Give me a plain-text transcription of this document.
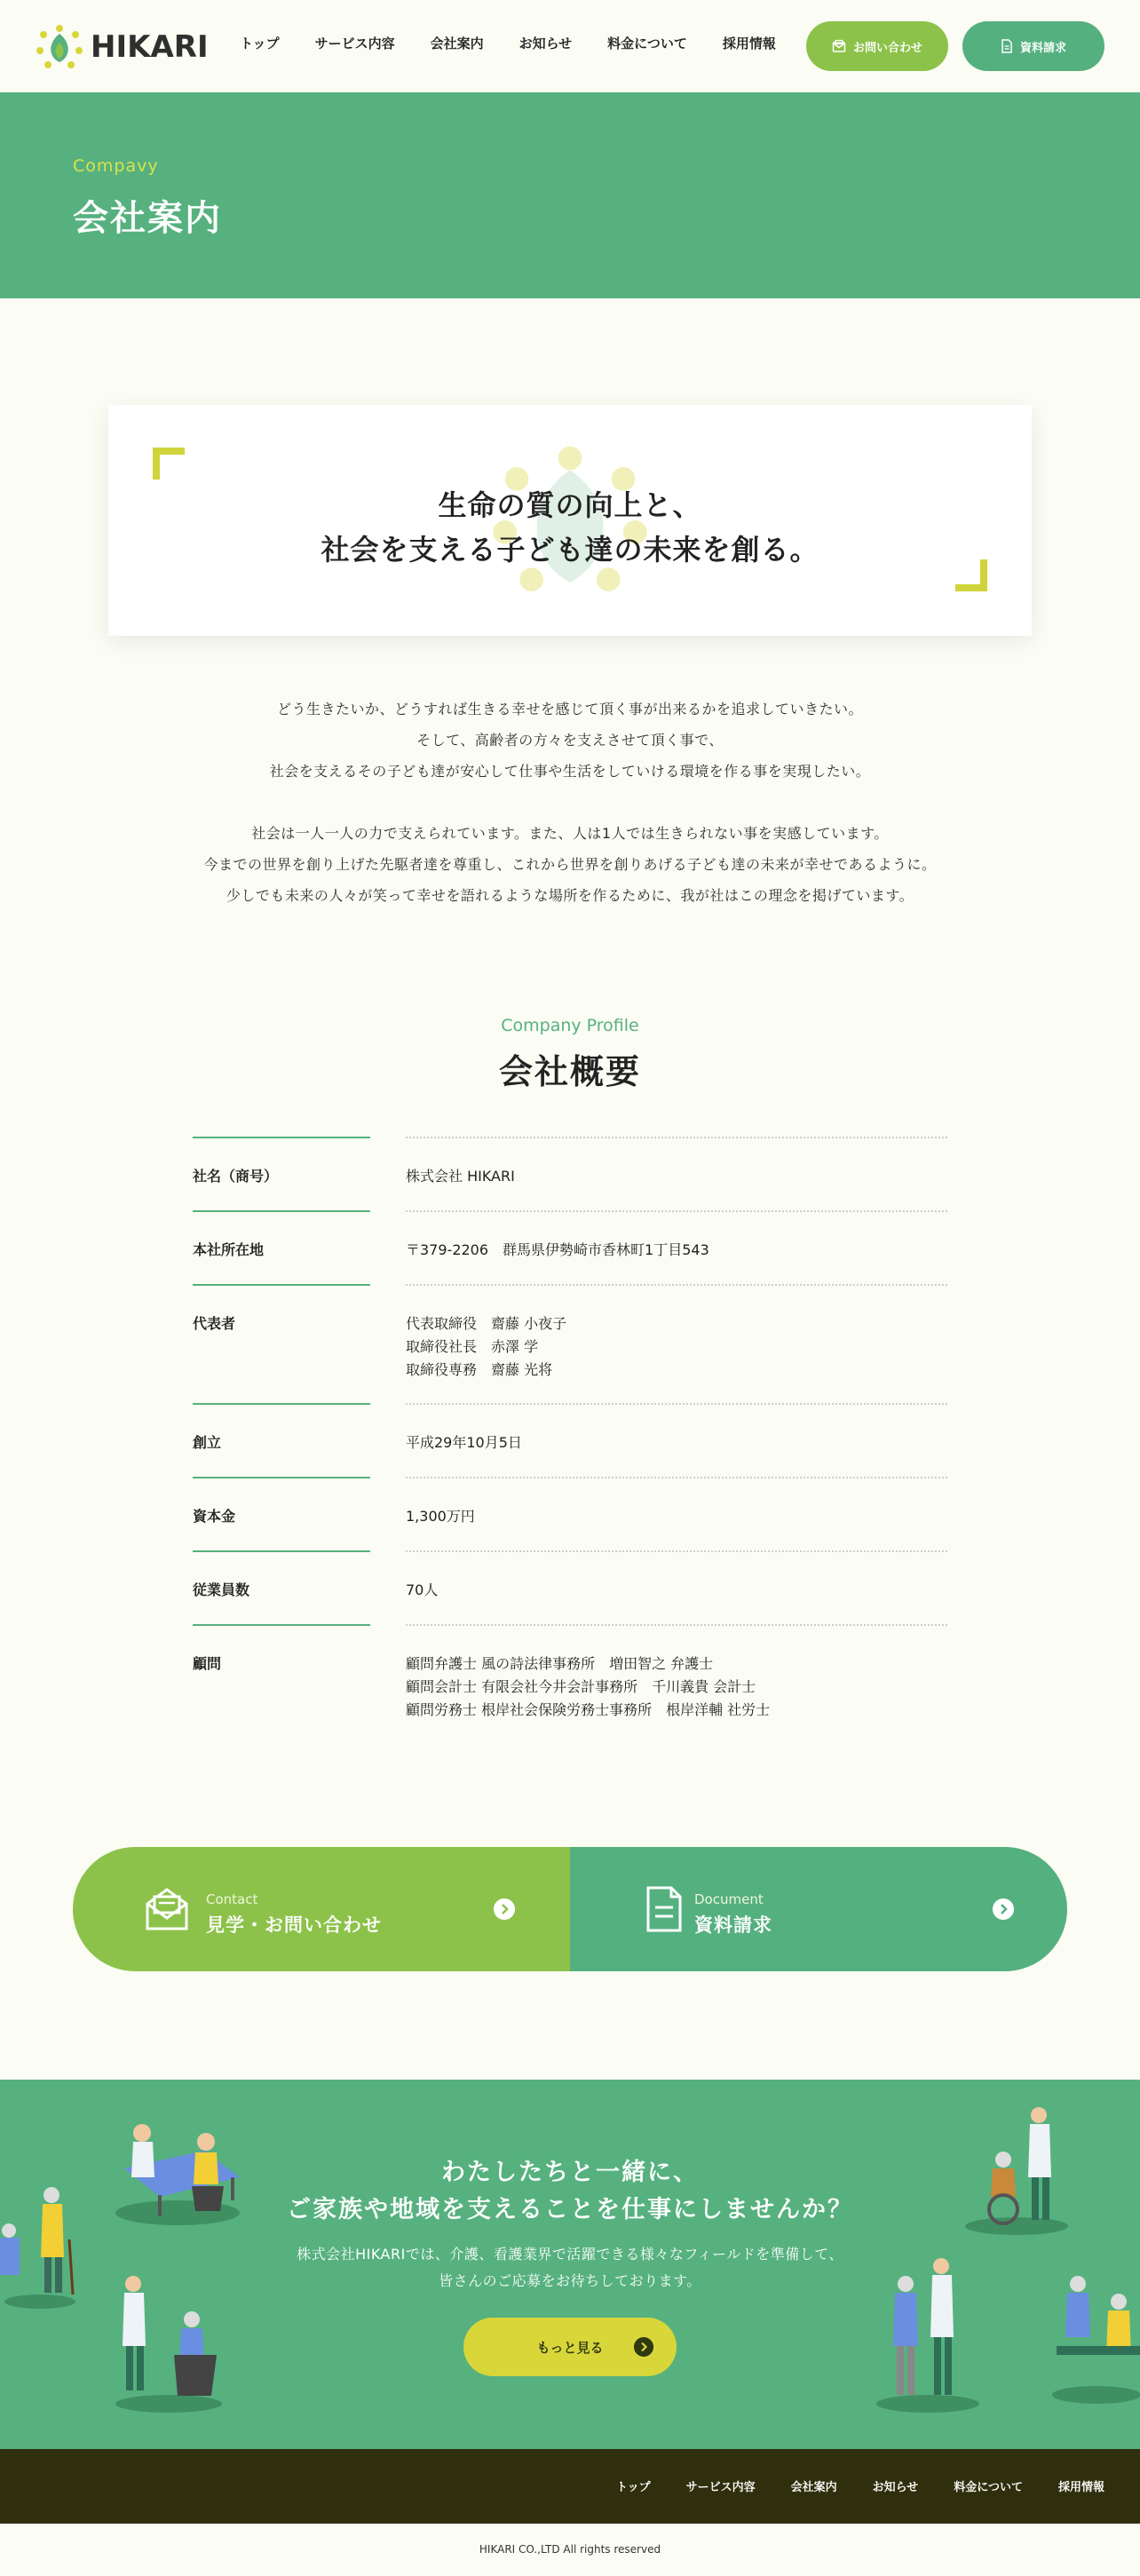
HIKARI トップ	サービス内容	会社案内	お知らせ	料金について	採用情報	お問い合わせ	資料請求
Compavy
会社案内
生命の質の向上と、
社会を支える子ども達の未来を創る。
どう生きたいか、どうすれば生きる幸せを感じて頂く事が出来るかを追求していきたい。
そして、高齢者の方々を支えさせて頂く事で、
社会を支えるその子ども達が安心して仕事や生活をしていける環境を作る事を実現したい。
社会は一人一人の力で支えられています。また、人は1人では生きられない事を実感しています。
今までの世界を創り上げた先駆者達を尊重し、これから世界を創りあげる子ども達の未来が幸せであるように。
少しでも未来の人々が笑って幸せを語れるような場所を作るために、我が社はこの理念を掲げています。
Company Profile
会社概要
社名（商号）	株式会社 HIKARI
本社所在地	〒379-2206　群馬県伊勢崎市香林町1丁目543
代表者	代表取締役　齋藤 小夜子
取締役社長　赤澤 学
取締役専務　齋藤 光将
創立	平成29年10月5日
資本金	1,300万円
従業員数	70人
顧問	顧問弁護士 風の詩法律事務所　増田智之 弁護士
顧問会計士 有限会社今井会計事務所　千川義貴 会計士
顧問労務士 根岸社会保険労務士事務所　根岸洋輔 社労士
Contact
見学・お問い合わせ
Document
資料請求
わたしたちと一緒に、
ご家族や地域を支えることを仕事にしませんか？
株式会社HIKARIでは、介護、看護業界で活躍できる様々なフィールドを準備して、
皆さんのご応募をお待ちしております。
もっと見る
トップ	サービス内容	会社案内	お知らせ	料金について	採用情報
HIKARI CO.,LTD All rights reserved
